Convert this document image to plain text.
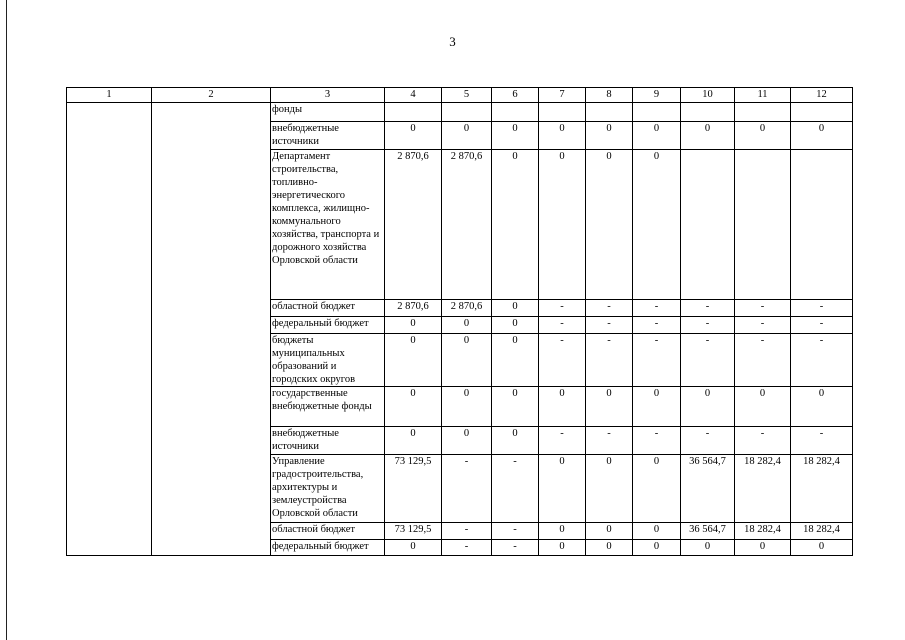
3
1	2	3	4	5	6	7	8	9	10	11	12
		фонды									
		внебюджетные источники	0	0	0	0	0	0	0	0	0
		Департамент строительства, топливно-энергетического комплекса, жилищно-коммунального хозяйства, транспорта и дорожного хозяйства Орловской области	2 870,6	2 870,6	0	0	0	0			
		областной бюджет	2 870,6	2 870,6	0	-	-	-	-	-	-
		федеральный бюджет	0	0	0	-	-	-	-	-	-
		бюджеты муниципальных образований и городских округов	0	0	0	-	-	-	-	-	-
		государственные внебюджетные фонды	0	0	0	0	0	0	0	0	0
		внебюджетные источники	0	0	0	-	-	-	-	-	-
		Управление градостроительства, архитектуры и землеустройства Орловской области	73 129,5	-	-	0	0	0	36 564,7	18 282,4	18 282,4
		областной бюджет	73 129,5	-	-	0	0	0	36 564,7	18 282,4	18 282,4
		федеральный бюджет	0	-	-	0	0	0	0	0	0
